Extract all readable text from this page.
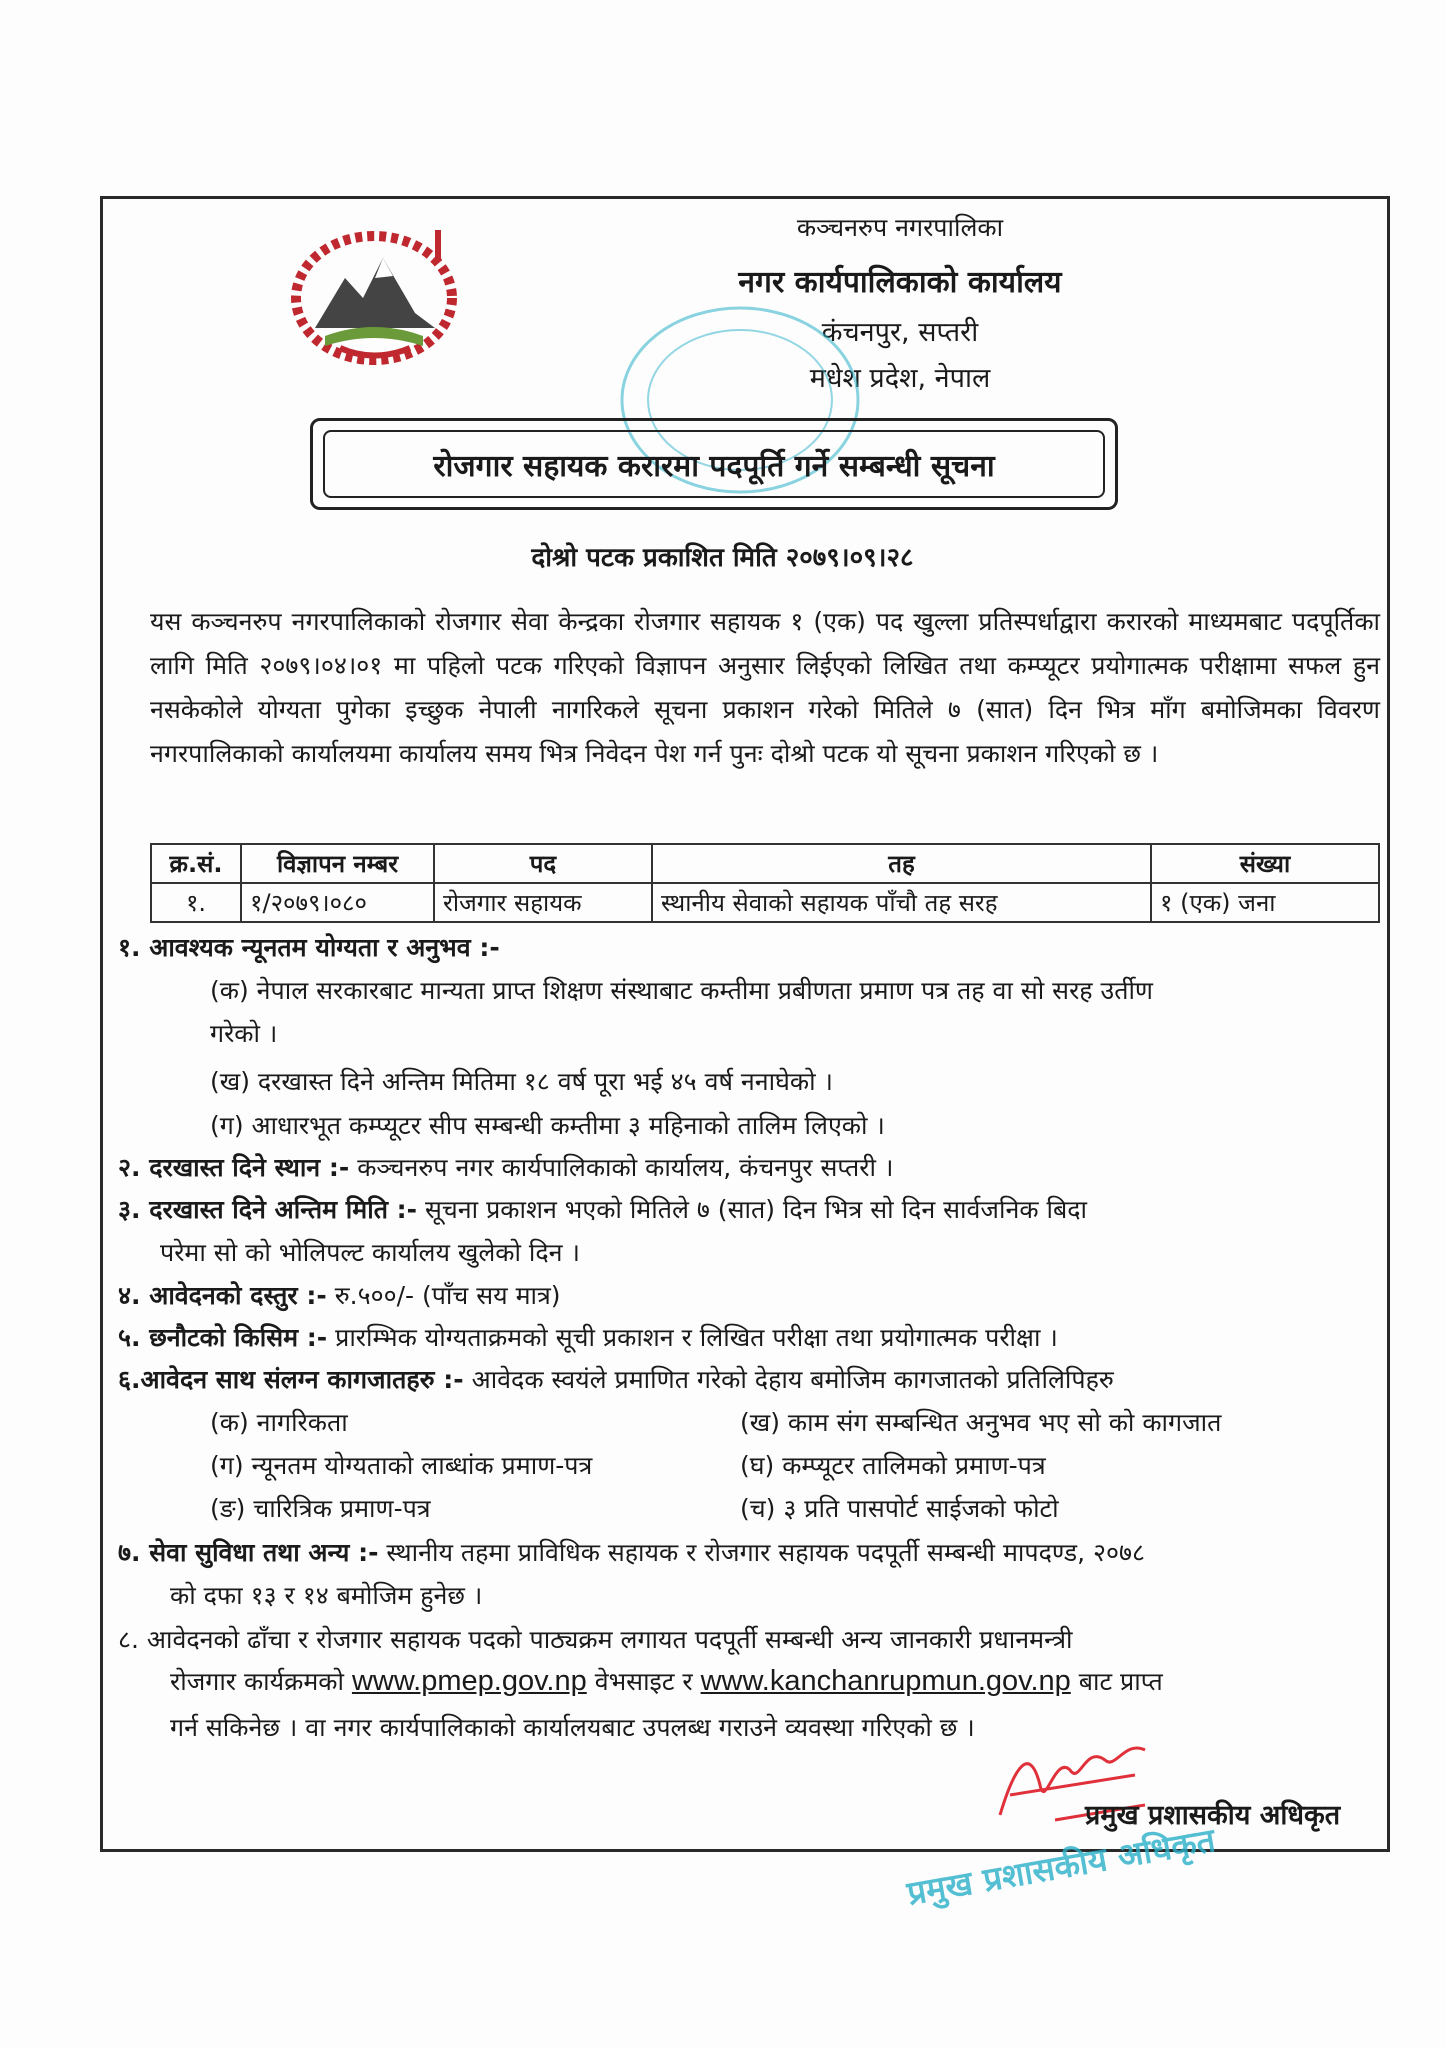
कञ्चनरुप नगरपालिका
नगर कार्यपालिकाको कार्यालय
कंचनपुर, सप्तरी
मधेश प्रदेश, नेपाल
रोजगार सहायक करारमा पदपूर्ति गर्ने सम्बन्धी सूचना
दोश्रो पटक प्रकाशित मिति २०७९।०९।२८
यस कञ्चनरुप नगरपालिकाको रोजगार सेवा केन्द्रका रोजगार सहायक १ (एक) पद खुल्ला प्रतिस्पर्धाद्वारा करारको माध्यमबाट पदपूर्तिका लागि मिति २०७९।०४।०१ मा पहिलो पटक गरिएको विज्ञापन अनुसार लिईएको लिखित तथा कम्प्यूटर प्रयोगात्मक परीक्षामा सफल हुन नसकेकोले योग्यता पुगेका इच्छुक नेपाली नागरिकले सूचना प्रकाशन गरेको मितिले ७ (सात) दिन भित्र माँग बमोजिमका विवरण नगरपालिकाको कार्यालयमा कार्यालय समय भित्र निवेदन पेश गर्न पुनः दोश्रो पटक यो सूचना प्रकाशन गरिएको छ ।
क्र.सं.	विज्ञापन नम्बर	पद	तह	संख्या
१.	१/२०७९।०८०	रोजगार सहायक	स्थानीय सेवाको सहायक पाँचौ तह सरह	१ (एक) जना
१. आवश्यक न्यूनतम योग्यता र अनुभव :-
(क) नेपाल सरकारबाट मान्यता प्राप्त शिक्षण संस्थाबाट कम्तीमा प्रबीणता प्रमाण पत्र तह वा सो सरह उर्तीण
गरेको ।
(ख) दरखास्त दिने अन्तिम मितिमा १८ वर्ष पूरा भई ४५ वर्ष ननाघेको ।
(ग) आधारभूत कम्प्यूटर सीप सम्बन्धी कम्तीमा ३ महिनाको तालिम लिएको ।
२. दरखास्त दिने स्थान :- कञ्चनरुप नगर कार्यपालिकाको कार्यालय, कंचनपुर सप्तरी ।
३. दरखास्त दिने अन्तिम मिति :- सूचना प्रकाशन भएको मितिले ७ (सात) दिन भित्र सो दिन सार्वजनिक बिदा
परेमा सो को भोलिपल्ट कार्यालय खुलेको दिन ।
४. आवेदनको दस्तुर :- रु.५००/- (पाँच सय मात्र)
५. छनौटको किसिम :- प्रारम्भिक योग्यताक्रमको सूची प्रकाशन र लिखित परीक्षा तथा प्रयोगात्मक परीक्षा ।
६.आवेदन साथ संलग्न कागजातहरु :- आवेदक स्वयंले प्रमाणित गरेको देहाय बमोजिम कागजातको प्रतिलिपिहरु
(क) नागरिकता	(ख) काम संग सम्बन्धित अनुभव भए सो को कागजात
(ग) न्यूनतम योग्यताको लाब्धांक प्रमाण-पत्र	(घ) कम्प्यूटर तालिमको प्रमाण-पत्र
(ङ) चारित्रिक प्रमाण-पत्र	(च) ३ प्रति पासपोर्ट साईजको फोटो
७. सेवा सुविधा तथा अन्य :- स्थानीय तहमा प्राविधिक सहायक र रोजगार सहायक पदपूर्ती सम्बन्धी मापदण्ड, २०७८
को दफा १३ र १४ बमोजिम हुनेछ ।
८. आवेदनको ढाँचा र रोजगार सहायक पदको पाठ्यक्रम लगायत पदपूर्ती सम्बन्धी अन्य जानकारी प्रधानमन्त्री
रोजगार कार्यक्रमको www.pmep.gov.np वेभसाइट र www.kanchanrupmun.gov.np बाट प्राप्त
गर्न सकिनेछ । वा नगर कार्यपालिकाको कार्यालयबाट उपलब्ध गराउने व्यवस्था गरिएको छ ।
प्रमुख प्रशासकीय अधिकृत
प्रमुख प्रशासकीय अधिकृत
